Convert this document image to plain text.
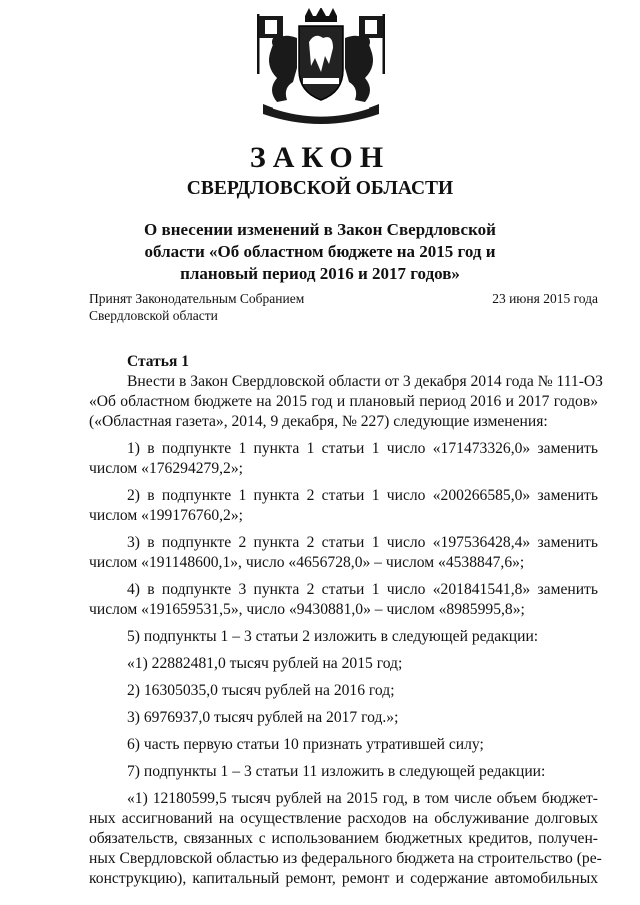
ЗАКОН
СВЕРДЛОВСКОЙ ОБЛАСТИ
О внесении изменений в Закон Свердловской
области «Об областном бюджете на 2015 год и
плановый период 2016 и 2017 годов»
Принят Законодательным Собранием
Свердловской области
23 июня 2015 года
Статья 1
Внести в Закон Свердловской области от 3 декабря 2014 года № 111-ОЗ
«Об областном бюджете на 2015 год и плановый период 2016 и 2017 годов»
(«Областная газета», 2014, 9 декабря, № 227) следующие изменения:
1) в подпункте 1 пункта 1 статьи 1 число «171473326,0» заменить
числом «176294279,2»;
2) в подпункте 1 пункта 2 статьи 1 число «200266585,0» заменить
числом «199176760,2»;
3) в подпункте 2 пункта 2 статьи 1 число «197536428,4» заменить
числом «191148600,1», число «4656728,0» – числом «4538847,6»;
4) в подпункте 3 пункта 2 статьи 1 число «201841541,8» заменить
числом «191659531,5», число «9430881,0» – числом «8985995,8»;
5) подпункты 1 – 3 статьи 2 изложить в следующей редакции:
«1) 22882481,0 тысяч рублей на 2015 год;
2) 16305035,0 тысяч рублей на 2016 год;
3) 6976937,0 тысяч рублей на 2017 год.»;
6) часть первую статьи 10 признать утратившей силу;
7) подпункты 1 – 3 статьи 11 изложить в следующей редакции:
«1) 12180599,5 тысяч рублей на 2015 год, в том числе объем бюджет-
ных ассигнований на осуществление расходов на обслуживание долговых
обязательств, связанных с использованием бюджетных кредитов, получен-
ных Свердловской областью из федерального бюджета на строительство (ре-
конструкцию), капитальный ремонт, ремонт и содержание автомобильных
